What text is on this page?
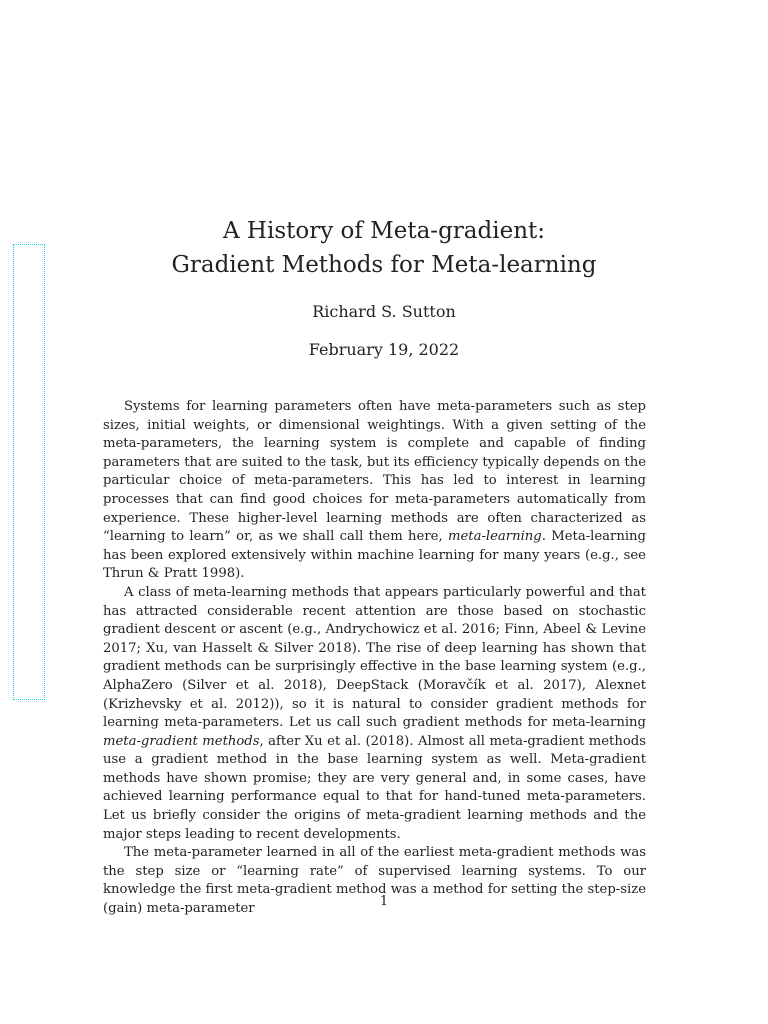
A History of Meta-gradient:
Gradient Methods for Meta-learning
Richard S. Sutton
February 19, 2022

Systems for learning parameters often have meta-parameters such as step sizes, initial weights, or dimensional weightings. With a given setting of the meta-parameters, the learning system is complete and capable of finding parameters that are suited to the task, but its efficiency typically depends on the particular choice of meta-parameters. This has led to interest in learning processes that can find good choices for meta-parameters automatically from experience. These higher-level learning methods are often characterized as “learning to learn” or, as we shall call them here, meta-learning. Meta-learning has been explored extensively within machine learning for many years (e.g., see Thrun & Pratt 1998).

A class of meta-learning methods that appears particularly powerful and that has attracted considerable recent attention are those based on stochastic gradient descent or ascent (e.g., Andrychowicz et al. 2016; Finn, Abeel & Levine 2017; Xu, van Hasselt & Silver 2018). The rise of deep learning has shown that gradient methods can be surprisingly effective in the base learning system (e.g., AlphaZero (Silver et al. 2018), DeepStack (Moravčík et al. 2017), Alexnet (Krizhevsky et al. 2012)), so it is natural to consider gradient methods for learning meta-parameters. Let us call such gradient methods for meta-learning meta-gradient methods, after Xu et al. (2018). Almost all meta-gradient methods use a gradient method in the base learning system as well. Meta-gradient methods have shown promise; they are very general and, in some cases, have achieved learning performance equal to that for hand-tuned meta-parameters. Let us briefly consider the origins of meta-gradient learning methods and the major steps leading to recent developments.

The meta-parameter learned in all of the earliest meta-gradient methods was the step size or “learning rate” of supervised learning systems. To our knowledge the first meta-gradient method was a method for setting the step-size (gain) meta-parameter	1
